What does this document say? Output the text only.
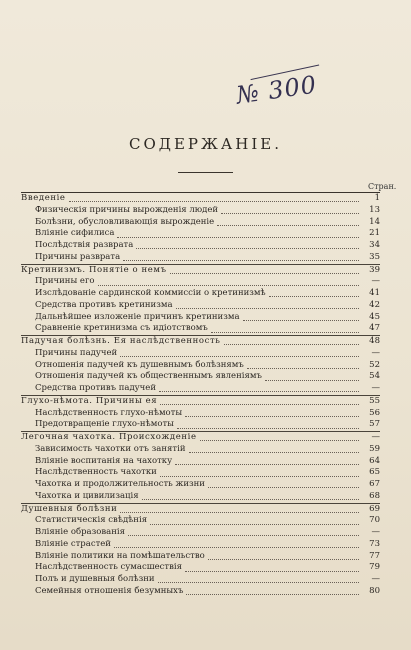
№ 300
СОДЕРЖАНІЕ.
Стран.
Введеніе	1
Физическія причины вырожденія людей	13
Болѣзни, обусловливающія вырожденіе	14
Вліяніе сифилиса	21
Послѣдствія разврата	34
Причины разврата	35
Кретинизмъ. Понятіе о немъ	39
Причины его	—
Изслѣдованіе сардинской коммиссіи о кретинизмѣ	41
Средства противъ кретинизма	42
Дальнѣйшее изложеніе причинъ кретинизма	45
Сравненіе кретинизма съ идіотствомъ	47
Падучая болѣзнь. Ея наслѣдственность	48
Причины падучей	—
Отношенія падучей къ душевнымъ болѣзнямъ	52
Отношенія падучей къ общественнымъ явленіямъ	54
Средства противъ падучей	—
Глухо-нѣмота. Причины ея	55
Наслѣдственность глухо-нѣмоты	56
Предотвращеніе глухо-нѣмоты	57
Легочная чахотка. Происхожденіе	—
Зависимость чахотки отъ занятій	59
Вліяніе воспитанія на чахотку	64
Наслѣдственность чахотки	65
Чахотка и продолжительность жизни	67
Чахотка и цивилизація	68
Душевныя болѣзни	69
Статистическія свѣдѣнія	70
Вліяніе образованія	—
Вліяніе страстей	73
Вліяніе политики на помѣшательство	77
Наслѣдственность сумасшествія	79
Полъ и душевныя болѣзни	—
Семейныя отношенія безумныхъ	80
